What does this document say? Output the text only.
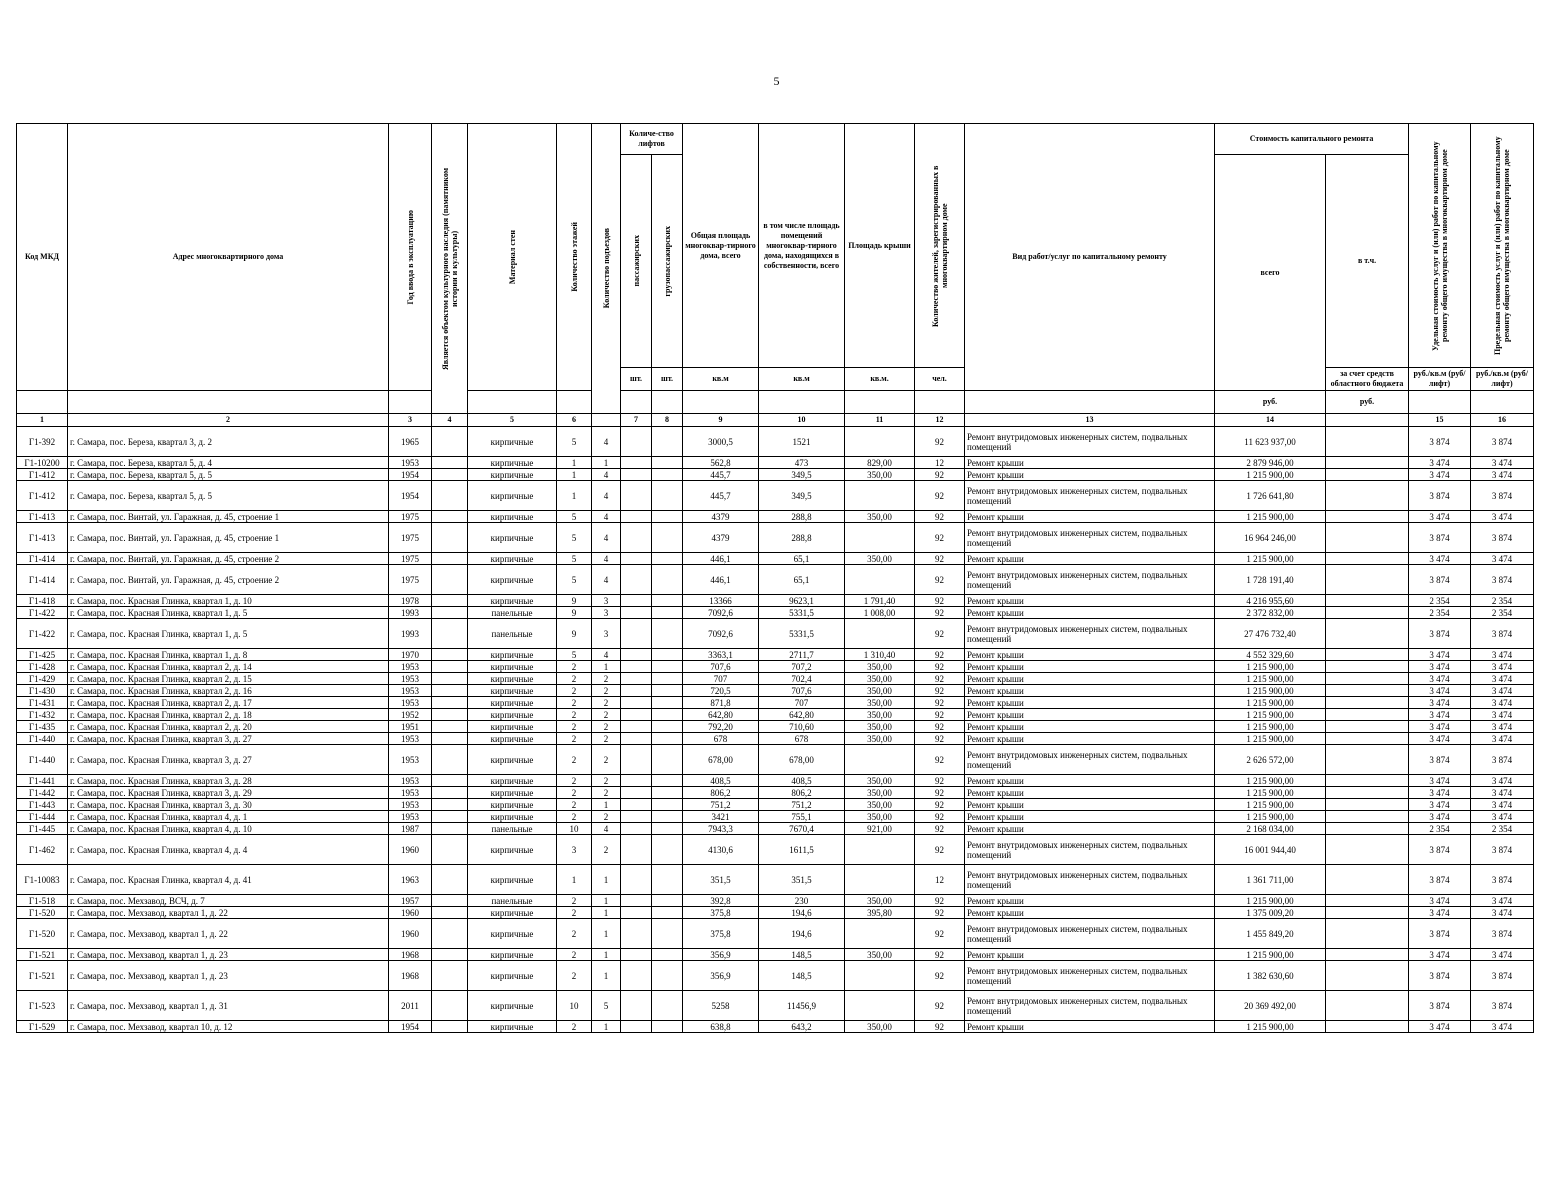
5
Код МКД	Адрес многоквартирного дома	Год ввода в эксплуатацию	Является объектом культурного наследия (памятником истории и культуры)	Материал стен	Количество этажей	Количество подъездов	Количе-ство лифтов		Общая площадь многоквар-тирного дома, всего	в том числе площадь помещений многоквар-тирного дома, находящихся в собственности, всего	Площадь крыши	Количество жителей, зарегистрированных в многоквартирном доме	Вид работ/услуг по капитальному ремонту	Стоимость капитального ремонта		Удельная стоимость услуг и (или) работ по капитальному ремонту общего имущества в многоквартирном доме	Предельная стоимость услуг и (или) работ по капитальному ремонту общего имущества в многоквартирном доме

							пассажирских	грузопассажирских						всего	в т.ч.		
							шт.	шт.	кв.м	кв.м	кв.м.	чел.			за счет средств областного бюджета	руб./кв.м (руб/лифт)	руб./кв.м (руб/лифт)
														руб.	руб.		
1	2	3	4	5	6		7	8	9	10	11	12	13	14		15	16
Г1-392	г. Самара, пос. Береза, квартал 3, д. 2	1965		кирпичные	5	4			3000,5	1521		92	Ремонт внутридомовых инженерных систем, подвальных помещений	11 623 937,00		3 874	3 874
Г1-10200	г. Самара, пос. Береза, квартал 5, д. 4	1953		кирпичные	1	1			562,8	473	829,00	12	Ремонт крыши	2 879 946,00		3 474	3 474
Г1-412	г. Самара, пос. Береза, квартал 5, д. 5	1954		кирпичные	1	4			445,7	349,5	350,00	92	Ремонт крыши	1 215 900,00		3 474	3 474
Г1-412	г. Самара, пос. Береза, квартал 5, д. 5	1954		кирпичные	1	4			445,7	349,5		92	Ремонт внутридомовых инженерных систем, подвальных помещений	1 726 641,80		3 874	3 874
Г1-413	г. Самара, пос. Винтай, ул. Гаражная, д. 45, строение 1	1975		кирпичные	5	4			4379	288,8	350,00	92	Ремонт крыши	1 215 900,00		3 474	3 474
Г1-413	г. Самара, пос. Винтай, ул. Гаражная, д. 45, строение 1	1975		кирпичные	5	4			4379	288,8		92	Ремонт внутридомовых инженерных систем, подвальных помещений	16 964 246,00		3 874	3 874
Г1-414	г. Самара, пос. Винтай, ул. Гаражная, д. 45, строение 2	1975		кирпичные	5	4			446,1	65,1	350,00	92	Ремонт крыши	1 215 900,00		3 474	3 474
Г1-414	г. Самара, пос. Винтай, ул. Гаражная, д. 45, строение 2	1975		кирпичные	5	4			446,1	65,1		92	Ремонт внутридомовых инженерных систем, подвальных помещений	1 728 191,40		3 874	3 874
Г1-418	г. Самара, пос. Красная Глинка, квартал 1, д. 10	1978		кирпичные	9	3			13366	9623,1	1 791,40	92	Ремонт крыши	4 216 955,60		2 354	2 354
Г1-422	г. Самара, пос. Красная Глинка, квартал 1, д. 5	1993		панельные	9	3			7092,6	5331,5	1 008,00	92	Ремонт крыши	2 372 832,00		2 354	2 354
Г1-422	г. Самара, пос. Красная Глинка, квартал 1, д. 5	1993		панельные	9	3			7092,6	5331,5		92	Ремонт внутридомовых инженерных систем, подвальных помещений	27 476 732,40		3 874	3 874
Г1-425	г. Самара, пос. Красная Глинка, квартал 1, д. 8	1970		кирпичные	5	4			3363,1	2711,7	1 310,40	92	Ремонт крыши	4 552 329,60		3 474	3 474
Г1-428	г. Самара, пос. Красная Глинка, квартал 2, д. 14	1953		кирпичные	2	1			707,6	707,2	350,00	92	Ремонт крыши	1 215 900,00		3 474	3 474
Г1-429	г. Самара, пос. Красная Глинка, квартал 2, д. 15	1953		кирпичные	2	2			707	702,4	350,00	92	Ремонт крыши	1 215 900,00		3 474	3 474
Г1-430	г. Самара, пос. Красная Глинка, квартал 2, д. 16	1953		кирпичные	2	2			720,5	707,6	350,00	92	Ремонт крыши	1 215 900,00		3 474	3 474
Г1-431	г. Самара, пос. Красная Глинка, квартал 2, д. 17	1953		кирпичные	2	2			871,8	707	350,00	92	Ремонт крыши	1 215 900,00		3 474	3 474
Г1-432	г. Самара, пос. Красная Глинка, квартал 2, д. 18	1952		кирпичные	2	2			642,80	642,80	350,00	92	Ремонт крыши	1 215 900,00		3 474	3 474
Г1-435	г. Самара, пос. Красная Глинка, квартал 2, д. 20	1951		кирпичные	2	2			792,20	710,60	350,00	92	Ремонт крыши	1 215 900,00		3 474	3 474
Г1-440	г. Самара, пос. Красная Глинка, квартал 3, д. 27	1953		кирпичные	2	2			678	678	350,00	92	Ремонт крыши	1 215 900,00		3 474	3 474
Г1-440	г. Самара, пос. Красная Глинка, квартал 3, д. 27	1953		кирпичные	2	2			678,00	678,00		92	Ремонт внутридомовых инженерных систем, подвальных помещений	2 626 572,00		3 874	3 874
Г1-441	г. Самара, пос. Красная Глинка, квартал 3, д. 28	1953		кирпичные	2	2			408,5	408,5	350,00	92	Ремонт крыши	1 215 900,00		3 474	3 474
Г1-442	г. Самара, пос. Красная Глинка, квартал 3, д. 29	1953		кирпичные	2	2			806,2	806,2	350,00	92	Ремонт крыши	1 215 900,00		3 474	3 474
Г1-443	г. Самара, пос. Красная Глинка, квартал 3, д. 30	1953		кирпичные	2	1			751,2	751,2	350,00	92	Ремонт крыши	1 215 900,00		3 474	3 474
Г1-444	г. Самара, пос. Красная Глинка, квартал 4, д. 1	1953		кирпичные	2	2			3421	755,1	350,00	92	Ремонт крыши	1 215 900,00		3 474	3 474
Г1-445	г. Самара, пос. Красная Глинка, квартал 4, д. 10	1987		панельные	10	4			7943,3	7670,4	921,00	92	Ремонт крыши	2 168 034,00		2 354	2 354
Г1-462	г. Самара, пос. Красная Глинка, квартал 4, д. 4	1960		кирпичные	3	2			4130,6	1611,5		92	Ремонт внутридомовых инженерных систем, подвальных помещений	16 001 944,40		3 874	3 874
Г1-10083	г. Самара, пос. Красная Глинка, квартал 4, д. 41	1963		кирпичные	1	1			351,5	351,5		12	Ремонт внутридомовых инженерных систем, подвальных помещений	1 361 711,00		3 874	3 874
Г1-518	г. Самара, пос. Мехзавод, ВСЧ, д. 7	1957		панельные	2	1			392,8	230	350,00	92	Ремонт крыши	1 215 900,00		3 474	3 474
Г1-520	г. Самара, пос. Мехзавод, квартал 1, д. 22	1960		кирпичные	2	1			375,8	194,6	395,80	92	Ремонт крыши	1 375 009,20		3 474	3 474
Г1-520	г. Самара, пос. Мехзавод, квартал 1, д. 22	1960		кирпичные	2	1			375,8	194,6		92	Ремонт внутридомовых инженерных систем, подвальных помещений	1 455 849,20		3 874	3 874
Г1-521	г. Самара, пос. Мехзавод, квартал 1, д. 23	1968		кирпичные	2	1			356,9	148,5	350,00	92	Ремонт крыши	1 215 900,00		3 474	3 474
Г1-521	г. Самара, пос. Мехзавод, квартал 1, д. 23	1968		кирпичные	2	1			356,9	148,5		92	Ремонт внутридомовых инженерных систем, подвальных помещений	1 382 630,60		3 874	3 874
Г1-523	г. Самара, пос. Мехзавод, квартал 1, д. 31	2011		кирпичные	10	5			5258	11456,9		92	Ремонт внутридомовых инженерных систем, подвальных помещений	20 369 492,00		3 874	3 874
Г1-529	г. Самара, пос. Мехзавод, квартал 10, д. 12	1954		кирпичные	2	1			638,8	643,2	350,00	92	Ремонт крыши	1 215 900,00		3 474	3 474
